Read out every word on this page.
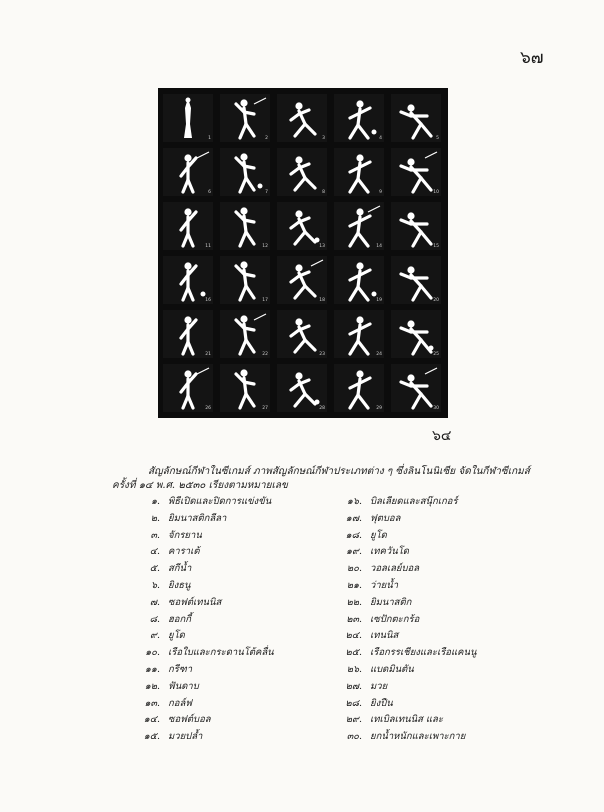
๖๗
1	2	3	4	5
6	7	8	9	10
11	12	13	14	15
16	17	18	19	20
21	22	23	24	25
26	27	28	29	30
๖๔
สัญลักษณ์กีฬาในซีเกมส์ ภาพสัญลักษณ์กีฬาประเภทต่าง ๆ ซึ่งลินโนนิเซีย จัดในกีฬาซีเกมส์
ครั้งที่ ๑๔ พ.ศ. ๒๕๓๐ เรียงตามหมายเลข
๑. พิธีเปิดและปิดการแข่งขัน
๒. ยิมนาสติกลีลา
๓. จักรยาน
๔. คาราเต้
๕. สกีน้ำ
๖. ยิงธนู
๗. ซอฟต์เทนนิส
๘. ฮอกกี้
๙. ยูโด
๑๐. เรือใบและกระดานโต้คลื่น
๑๑. กรีฑา
๑๒. ฟันดาบ
๑๓. กอล์ฟ
๑๔. ซอฟต์บอล
๑๕. มวยปล้ำ
๑๖. บิลเลียดและสนุ๊กเกอร์
๑๗. ฟุตบอล
๑๘. ยูโด
๑๙. เทควันโด
๒๐. วอลเลย์บอล
๒๑. ว่ายน้ำ
๒๒. ยิมนาสติก
๒๓. เซปักตะกร้อ
๒๔. เทนนิส
๒๕. เรือกรรเชียงและเรือแคนนู
๒๖. แบดมินตัน
๒๗. มวย
๒๘. ยิงปืน
๒๙. เทเบิลเทนนิส และ
๓๐. ยกน้ำหนักและเพาะกาย
